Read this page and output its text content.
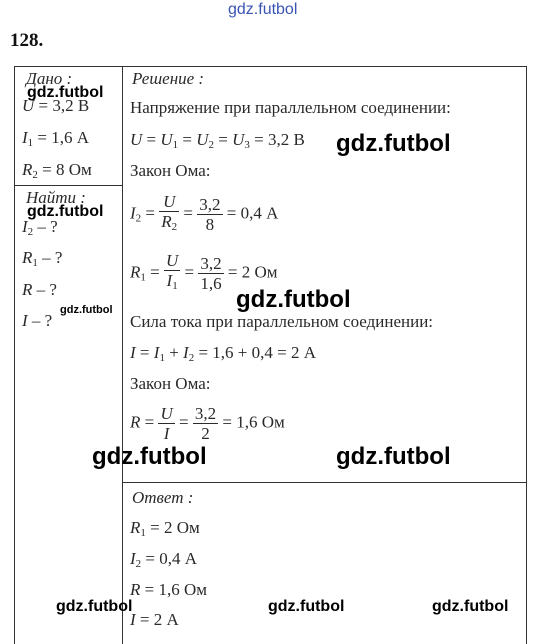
gdz.futbol
128.
Дано :
U = 3,2 В
$I_1 = 1,6$ А
$R_2 = 8$ Ом
Найти :
$I_2$ – ?
$R_1$ – ?
R – ?
I – ?
Решение :
Напряжение при параллельном соединении:
$U = U_1 = U_2 = U_3 = 3,2$ В
Закон Ома:
$I_2 = \frac{U}{R_2} = \frac{3,2}{8} = 0,4$ А
$R_1 = \frac{U}{I_1} = \frac{3,2}{1,6} = 2$ Ом
Сила тока при параллельном соединении:
$I = I_1 + I_2 = 1,6 + 0,4 = 2$ А
Закон Ома:
$R = \frac{U}{I} = \frac{3,2}{2} = 1,6$ Ом
Ответ :
$R_1 = 2$ Ом
$I_2 = 0,4$ А
R = 1,6 Ом
I = 2 А
gdz.futbol
gdz.futbol
gdz.futbol
gdz.futbol
gdz.futbol
gdz.futbol	gdz.futbol
gdz.futbol	gdz.futbol	gdz.futbol
